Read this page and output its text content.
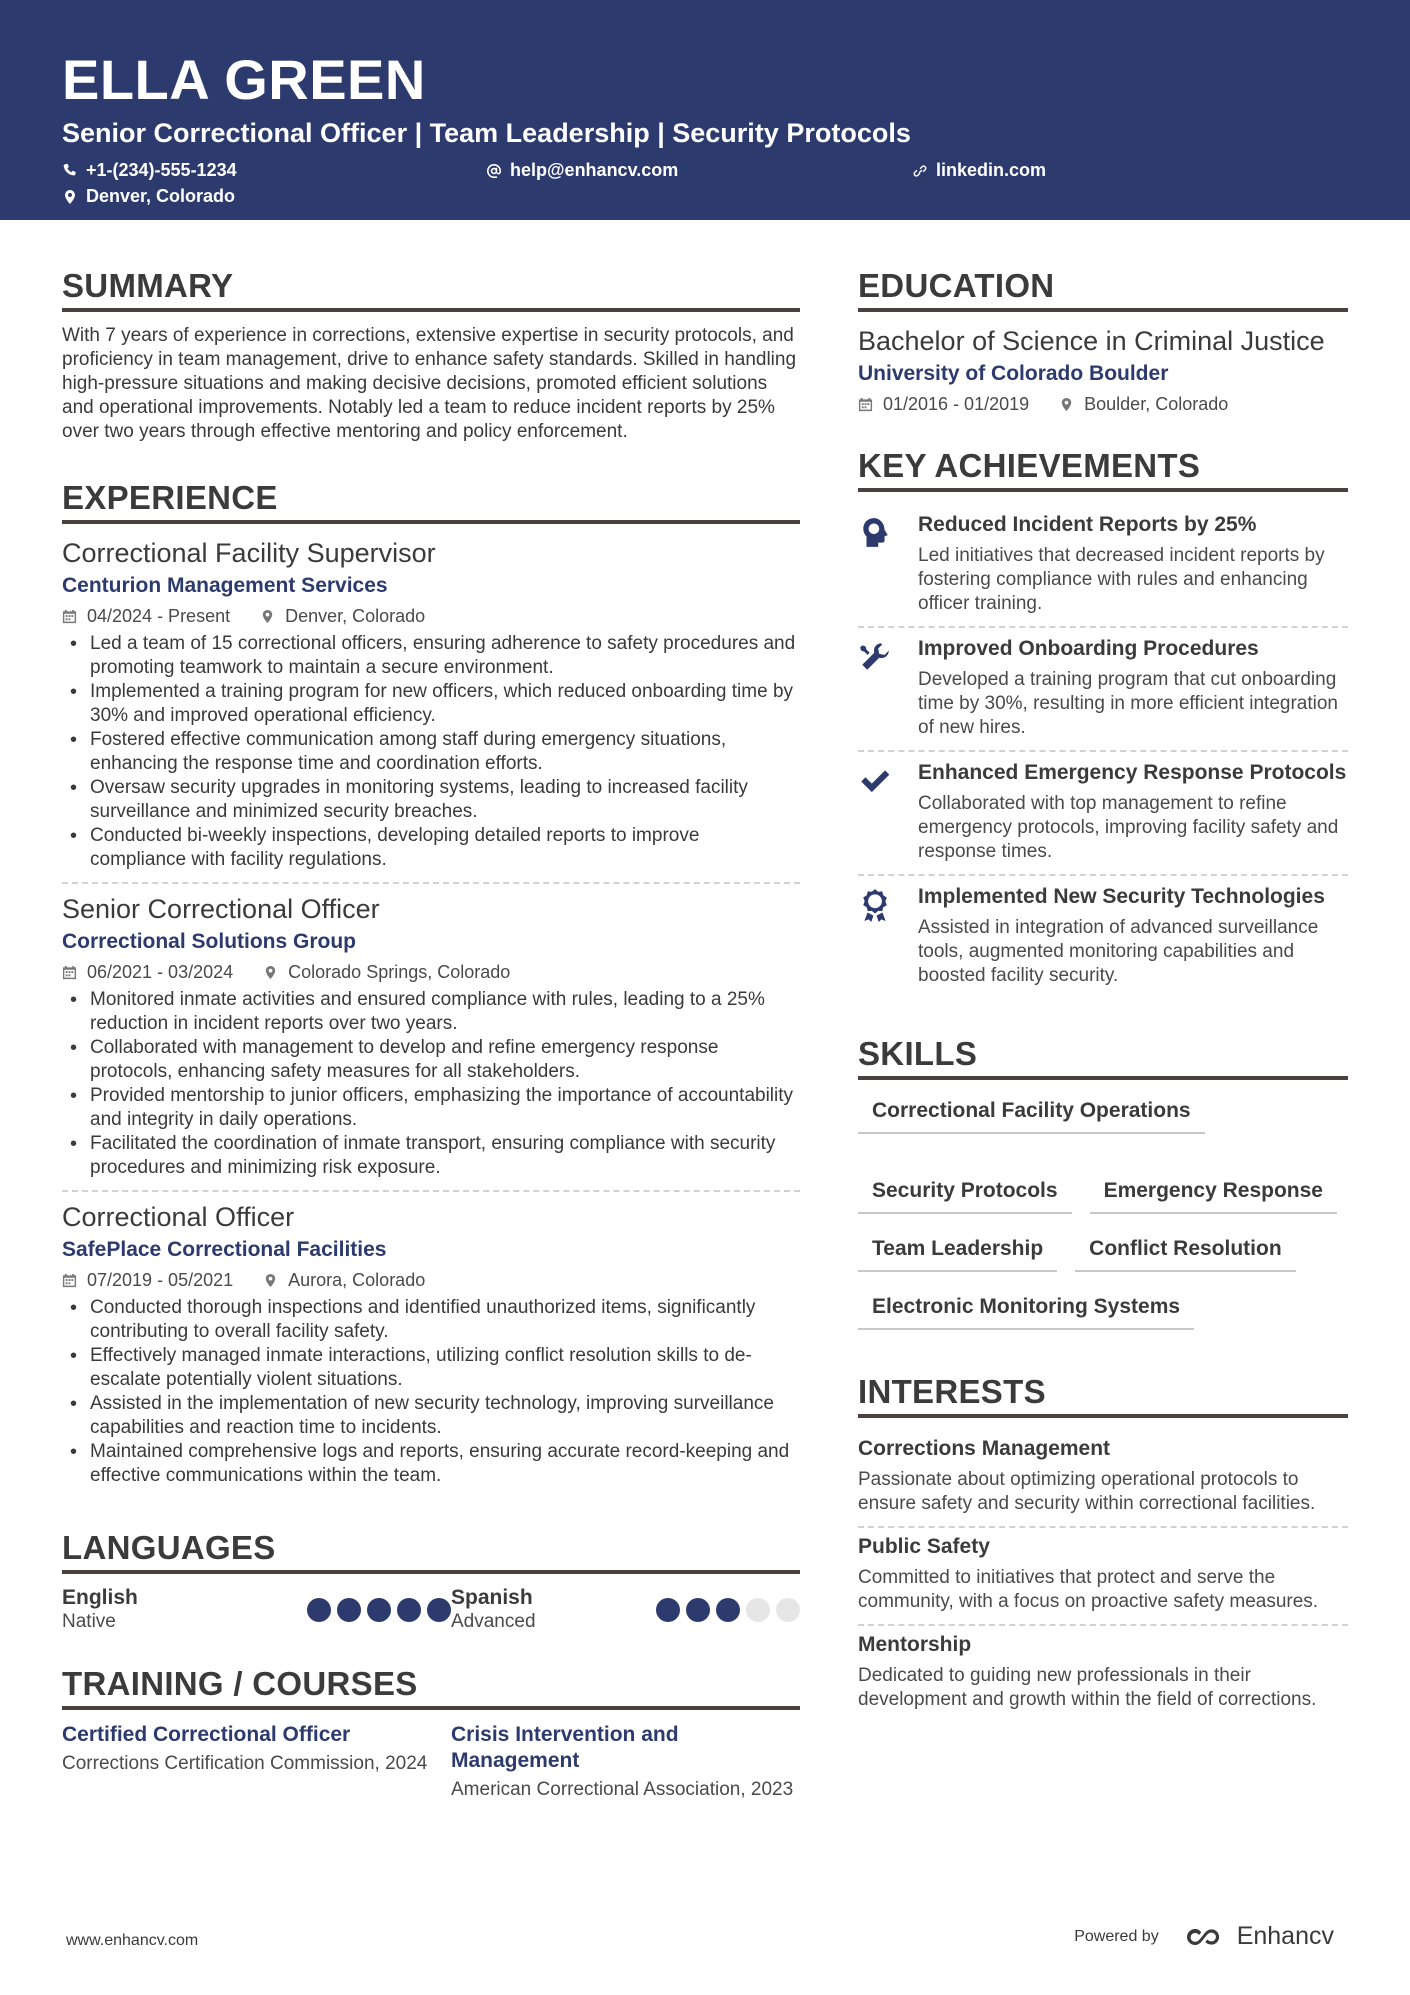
ELLA GREEN
Senior Correctional Officer | Team Leadership | Security Protocols
+1-(234)-555-1234	help@enhancv.com	linkedin.com
Denver, Colorado
SUMMARY
With 7 years of experience in corrections, extensive expertise in security protocols, and proficiency in team management, drive to enhance safety standards. Skilled in handling high-pressure situations and making decisive decisions, promoted efficient solutions and operational improvements. Notably led a team to reduce incident reports by 25% over two years through effective mentoring and policy enforcement.
EXPERIENCE
Correctional Facility Supervisor
Centurion Management Services
04/2024 - Present	Denver, Colorado
• Led a team of 15 correctional officers, ensuring adherence to safety procedures and promoting teamwork to maintain a secure environment.
• Implemented a training program for new officers, which reduced onboarding time by 30% and improved operational efficiency.
• Fostered effective communication among staff during emergency situations, enhancing the response time and coordination efforts.
• Oversaw security upgrades in monitoring systems, leading to increased facility surveillance and minimized security breaches.
• Conducted bi-weekly inspections, developing detailed reports to improve compliance with facility regulations.
Senior Correctional Officer
Correctional Solutions Group
06/2021 - 03/2024	Colorado Springs, Colorado
• Monitored inmate activities and ensured compliance with rules, leading to a 25% reduction in incident reports over two years.
• Collaborated with management to develop and refine emergency response protocols, enhancing safety measures for all stakeholders.
• Provided mentorship to junior officers, emphasizing the importance of accountability and integrity in daily operations.
• Facilitated the coordination of inmate transport, ensuring compliance with security procedures and minimizing risk exposure.
Correctional Officer
SafePlace Correctional Facilities
07/2019 - 05/2021	Aurora, Colorado
• Conducted thorough inspections and identified unauthorized items, significantly contributing to overall facility safety.
• Effectively managed inmate interactions, utilizing conflict resolution skills to de-escalate potentially violent situations.
• Assisted in the implementation of new security technology, improving surveillance capabilities and reaction time to incidents.
• Maintained comprehensive logs and reports, ensuring accurate record-keeping and effective communications within the team.
LANGUAGES
English
Native
Spanish
Advanced
TRAINING / COURSES
Certified Correctional Officer
Corrections Certification Commission, 2024
Crisis Intervention and Management
American Correctional Association, 2023
EDUCATION
Bachelor of Science in Criminal Justice
University of Colorado Boulder
01/2016 - 01/2019	Boulder, Colorado
KEY ACHIEVEMENTS
Reduced Incident Reports by 25%
Led initiatives that decreased incident reports by fostering compliance with rules and enhancing officer training.
Improved Onboarding Procedures
Developed a training program that cut onboarding time by 30%, resulting in more efficient integration of new hires.
Enhanced Emergency Response Protocols
Collaborated with top management to refine emergency protocols, improving facility safety and response times.
Implemented New Security Technologies
Assisted in integration of advanced surveillance tools, augmented monitoring capabilities and boosted facility security.
SKILLS
Correctional Facility Operations
Security Protocols	Emergency Response
Team Leadership	Conflict Resolution
Electronic Monitoring Systems
INTERESTS
Corrections Management
Passionate about optimizing operational protocols to ensure safety and security within correctional facilities.
Public Safety
Committed to initiatives that protect and serve the community, with a focus on proactive safety measures.
Mentorship
Dedicated to guiding new professionals in their development and growth within the field of corrections.
www.enhancv.com	Powered by	Enhancv
